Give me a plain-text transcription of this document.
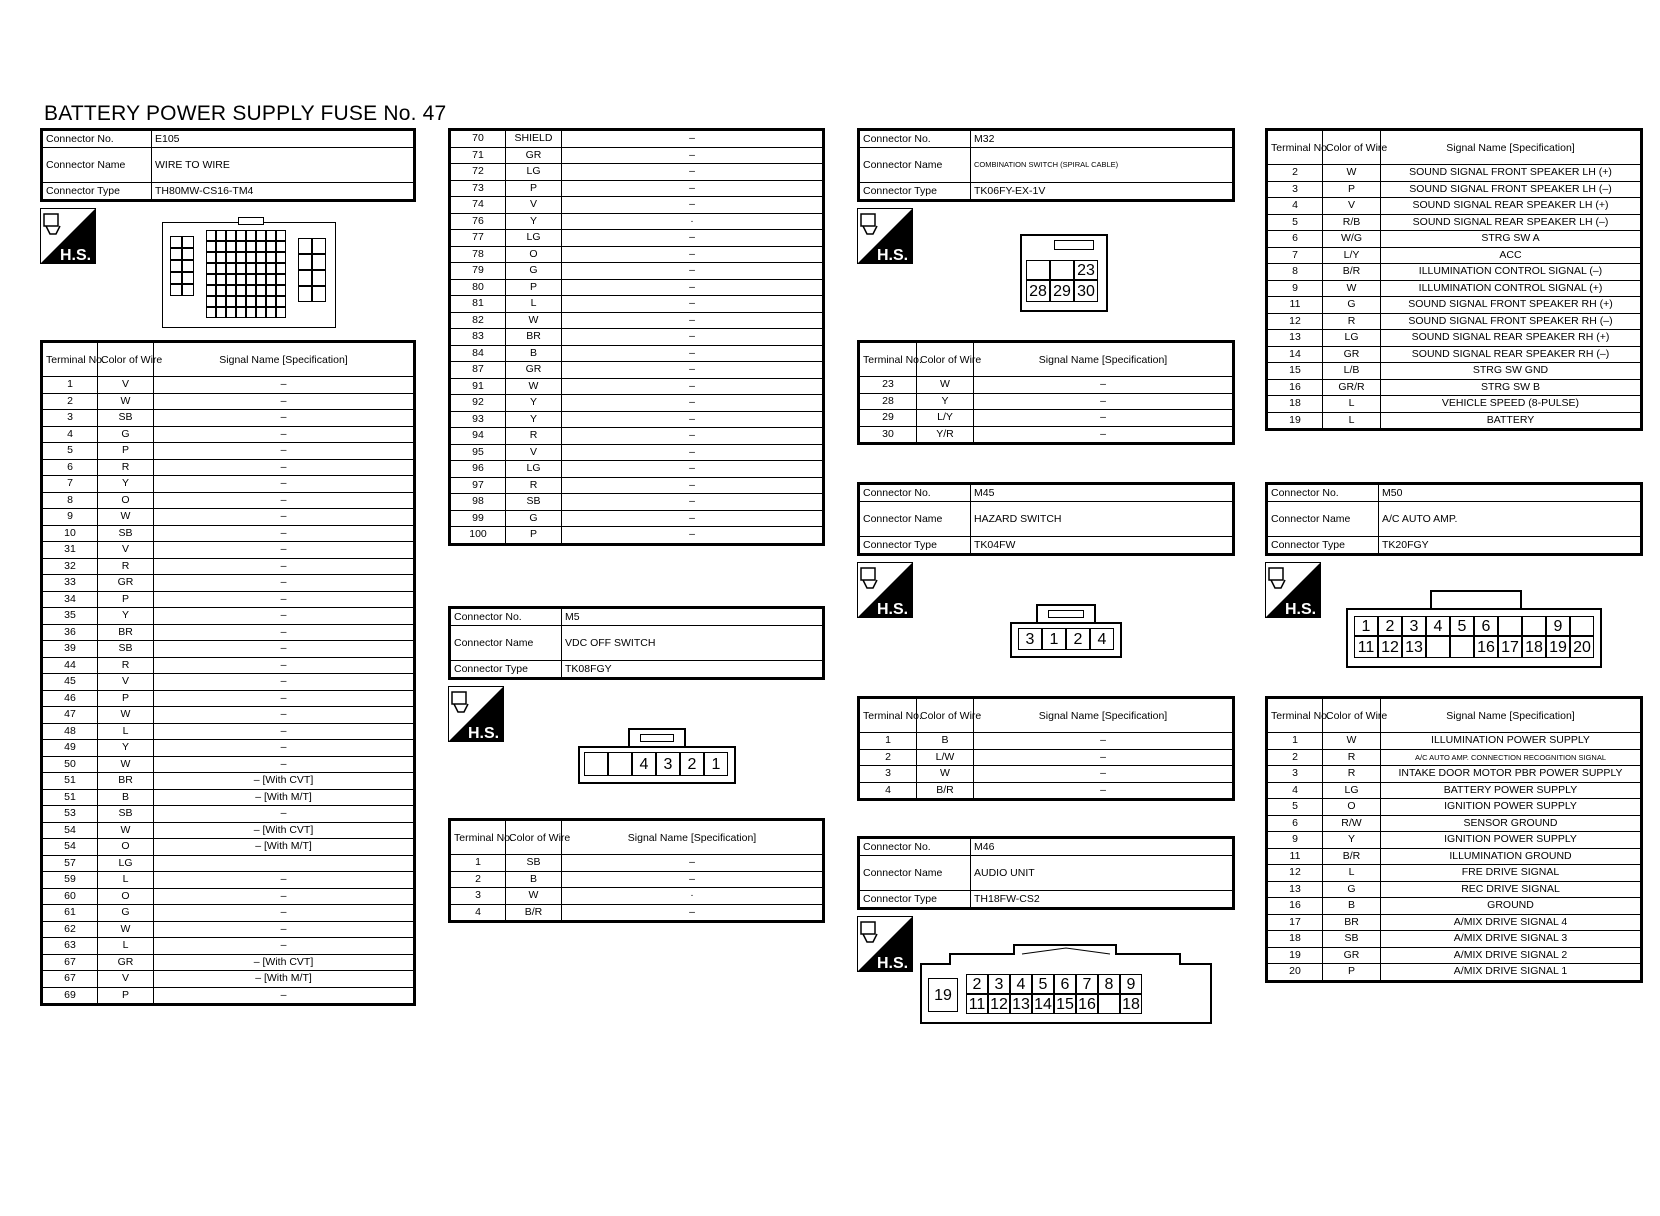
BATTERY POWER SUPPLY FUSE No. 47
Connector No.	E105
Connector Name	WIRE TO WIRE
Connector Type	TH80MW-CS16-TM4
H.S.
Terminal No.	Color of Wire	Signal Name [Specification]
1	V	–
2	W	–
3	SB	–
4	G	–
5	P	–
6	R	–
7	Y	–
8	O	–
9	W	–
10	SB	–
31	V	–
32	R	–
33	GR	–
34	P	–
35	Y	–
36	BR	–
39	SB	–
44	R	–
45	V	–
46	P	–
47	W	–
48	L	–
49	Y	–
50	W	–
51	BR	– [With CVT]
51	B	– [With M/T]
53	SB	–
54	W	– [With CVT]
54	O	– [With M/T]
57	LG	
59	L	–
60	O	–
61	G	–
62	W	–
63	L	–
67	GR	– [With CVT]
67	V	– [With M/T]
69	P	–
70	SHIELD	–
71	GR	–
72	LG	–
73	P	–
74	V	–
76	Y	·
77	LG	–
78	O	–
79	G	–
80	P	–
81	L	–
82	W	–
83	BR	–
84	B	–
87	GR	–
91	W	–
92	Y	–
93	Y	–
94	R	–
95	V	–
96	LG	–
97	R	–
98	SB	–
99	G	–
100	P	–
Connector No.	M5
Connector Name	VDC OFF SWITCH
Connector Type	TK08FGY
H.S.
4 3 2 1
Terminal No.	Color of Wire	Signal Name [Specification]
1	SB	–
2	B	–
3	W	·
4	B/R	–
Connector No.	M32
Connector Name	COMBINATION SWITCH (SPIRAL CABLE)
Connector Type	TK06FY-EX-1V
H.S.
23
28 29 30
Terminal No.	Color of Wire	Signal Name [Specification]
23	W	–
28	Y	–
29	L/Y	–
30	Y/R	–
Connector No.	M45
Connector Name	HAZARD SWITCH
Connector Type	TK04FW
H.S.
3 1 2 4
Terminal No.	Color of Wire	Signal Name [Specification]
1	B	–
2	L/W	–
3	W	–
4	B/R	–
Connector No.	M46
Connector Name	AUDIO UNIT
Connector Type	TH18FW-CS2
H.S.
19
2 3 4 5 6 7 8 9
11 12 13 14 15 16 18
Terminal No.	Color of Wire	Signal Name [Specification]
2	W	SOUND SIGNAL FRONT SPEAKER LH (+)
3	P	SOUND SIGNAL FRONT SPEAKER LH (–)
4	V	SOUND SIGNAL REAR SPEAKER LH (+)
5	R/B	SOUND SIGNAL REAR SPEAKER LH (–)
6	W/G	STRG SW A
7	L/Y	ACC
8	B/R	ILLUMINATION CONTROL SIGNAL (–)
9	W	ILLUMINATION CONTROL SIGNAL (+)
11	G	SOUND SIGNAL FRONT SPEAKER RH (+)
12	R	SOUND SIGNAL FRONT SPEAKER RH (–)
13	LG	SOUND SIGNAL REAR SPEAKER RH (+)
14	GR	SOUND SIGNAL REAR SPEAKER RH (–)
15	L/B	STRG SW GND
16	GR/R	STRG SW B
18	L	VEHICLE SPEED (8-PULSE)
19	L	BATTERY
Connector No.	M50
Connector Name	A/C AUTO AMP.
Connector Type	TK20FGY
H.S.
1 2 3 4 5 6	9
11 12 13	16 17 18 19 20
Terminal No.	Color of Wire	Signal Name [Specification]
1	W	ILLUMINATION POWER SUPPLY
2	R	A/C AUTO AMP. CONNECTION RECOGNITION SIGNAL
3	R	INTAKE DOOR MOTOR PBR POWER SUPPLY
4	LG	BATTERY POWER SUPPLY
5	O	IGNITION POWER SUPPLY
6	R/W	SENSOR GROUND
9	Y	IGNITION POWER SUPPLY
11	B/R	ILLUMINATION GROUND
12	L	FRE DRIVE SIGNAL
13	G	REC DRIVE SIGNAL
16	B	GROUND
17	BR	A/MIX DRIVE SIGNAL 4
18	SB	A/MIX DRIVE SIGNAL 3
19	GR	A/MIX DRIVE SIGNAL 2
20	P	A/MIX DRIVE SIGNAL 1
